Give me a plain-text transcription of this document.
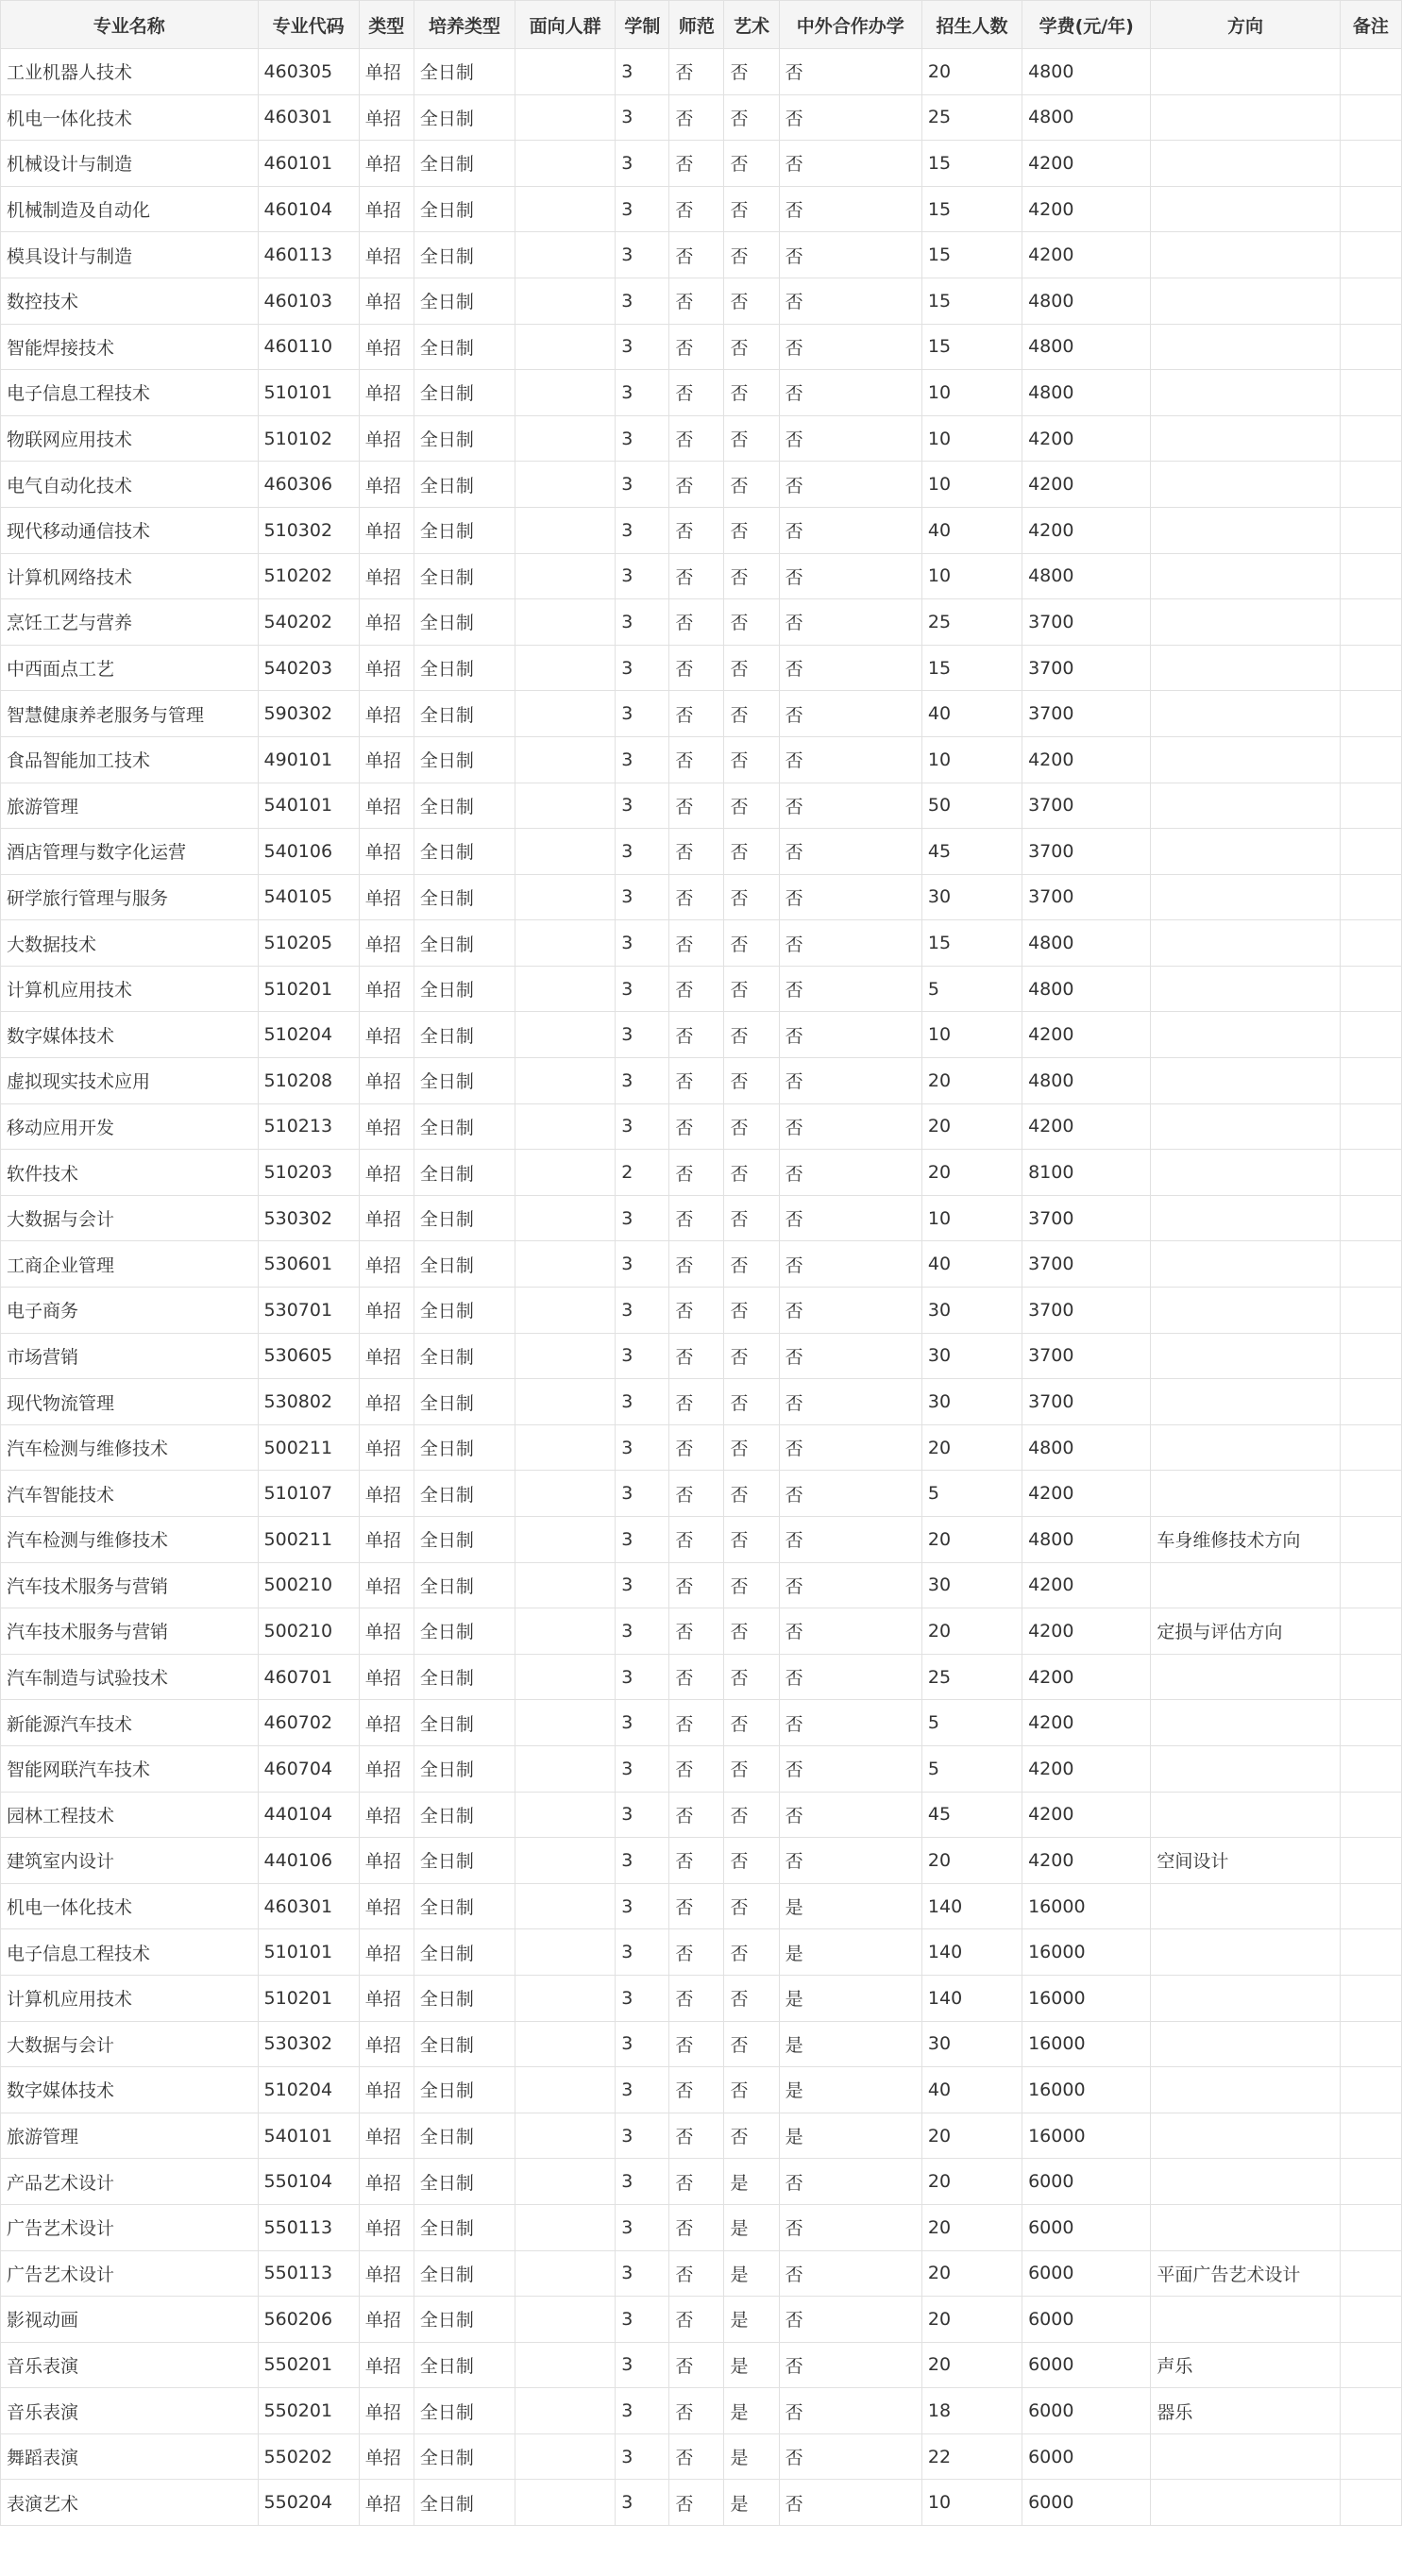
专业名称	专业代码	类型	培养类型	面向人群	学制	师范	艺术	中外合作办学	招生人数	学费(元/年)	方向	备注
工业机器人技术	460305	单招	全日制		3	否	否	否	20	4800		
机电一体化技术	460301	单招	全日制		3	否	否	否	25	4800		
机械设计与制造	460101	单招	全日制		3	否	否	否	15	4200		
机械制造及自动化	460104	单招	全日制		3	否	否	否	15	4200		
模具设计与制造	460113	单招	全日制		3	否	否	否	15	4200		
数控技术	460103	单招	全日制		3	否	否	否	15	4800		
智能焊接技术	460110	单招	全日制		3	否	否	否	15	4800		
电子信息工程技术	510101	单招	全日制		3	否	否	否	10	4800		
物联网应用技术	510102	单招	全日制		3	否	否	否	10	4200		
电气自动化技术	460306	单招	全日制		3	否	否	否	10	4200		
现代移动通信技术	510302	单招	全日制		3	否	否	否	40	4200		
计算机网络技术	510202	单招	全日制		3	否	否	否	10	4800		
烹饪工艺与营养	540202	单招	全日制		3	否	否	否	25	3700		
中西面点工艺	540203	单招	全日制		3	否	否	否	15	3700		
智慧健康养老服务与管理	590302	单招	全日制		3	否	否	否	40	3700		
食品智能加工技术	490101	单招	全日制		3	否	否	否	10	4200		
旅游管理	540101	单招	全日制		3	否	否	否	50	3700		
酒店管理与数字化运营	540106	单招	全日制		3	否	否	否	45	3700		
研学旅行管理与服务	540105	单招	全日制		3	否	否	否	30	3700		
大数据技术	510205	单招	全日制		3	否	否	否	15	4800		
计算机应用技术	510201	单招	全日制		3	否	否	否	5	4800		
数字媒体技术	510204	单招	全日制		3	否	否	否	10	4200		
虚拟现实技术应用	510208	单招	全日制		3	否	否	否	20	4800		
移动应用开发	510213	单招	全日制		3	否	否	否	20	4200		
软件技术	510203	单招	全日制		2	否	否	否	20	8100		
大数据与会计	530302	单招	全日制		3	否	否	否	10	3700		
工商企业管理	530601	单招	全日制		3	否	否	否	40	3700		
电子商务	530701	单招	全日制		3	否	否	否	30	3700		
市场营销	530605	单招	全日制		3	否	否	否	30	3700		
现代物流管理	530802	单招	全日制		3	否	否	否	30	3700		
汽车检测与维修技术	500211	单招	全日制		3	否	否	否	20	4800		
汽车智能技术	510107	单招	全日制		3	否	否	否	5	4200		
汽车检测与维修技术	500211	单招	全日制		3	否	否	否	20	4800	车身维修技术方向	
汽车技术服务与营销	500210	单招	全日制		3	否	否	否	30	4200		
汽车技术服务与营销	500210	单招	全日制		3	否	否	否	20	4200	定损与评估方向	
汽车制造与试验技术	460701	单招	全日制		3	否	否	否	25	4200		
新能源汽车技术	460702	单招	全日制		3	否	否	否	5	4200		
智能网联汽车技术	460704	单招	全日制		3	否	否	否	5	4200		
园林工程技术	440104	单招	全日制		3	否	否	否	45	4200		
建筑室内设计	440106	单招	全日制		3	否	否	否	20	4200	空间设计	
机电一体化技术	460301	单招	全日制		3	否	否	是	140	16000		
电子信息工程技术	510101	单招	全日制		3	否	否	是	140	16000		
计算机应用技术	510201	单招	全日制		3	否	否	是	140	16000		
大数据与会计	530302	单招	全日制		3	否	否	是	30	16000		
数字媒体技术	510204	单招	全日制		3	否	否	是	40	16000		
旅游管理	540101	单招	全日制		3	否	否	是	20	16000		
产品艺术设计	550104	单招	全日制		3	否	是	否	20	6000		
广告艺术设计	550113	单招	全日制		3	否	是	否	20	6000		
广告艺术设计	550113	单招	全日制		3	否	是	否	20	6000	平面广告艺术设计	
影视动画	560206	单招	全日制		3	否	是	否	20	6000		
音乐表演	550201	单招	全日制		3	否	是	否	20	6000	声乐	
音乐表演	550201	单招	全日制		3	否	是	否	18	6000	器乐	
舞蹈表演	550202	单招	全日制		3	否	是	否	22	6000		
表演艺术	550204	单招	全日制		3	否	是	否	10	6000		
